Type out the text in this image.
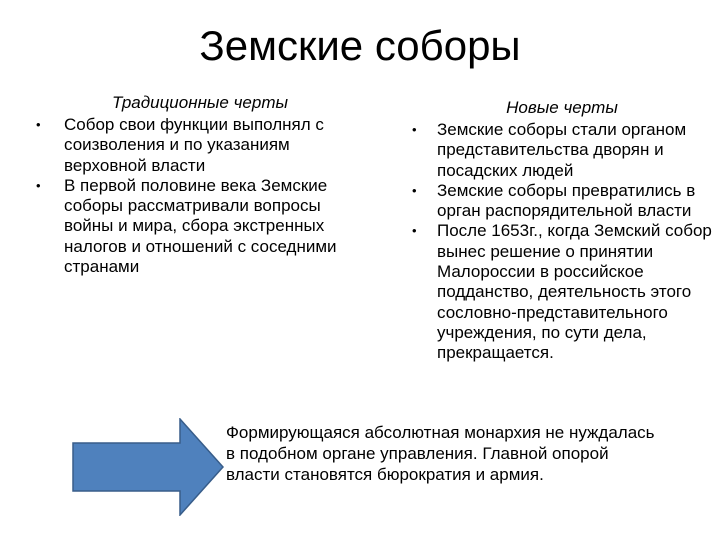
Земские соборы
Традиционные черты
•	Собор свои функции выполнял с соизволения и по указаниям верховной власти
•	В первой половине века Земские соборы рассматривали вопросы войны и мира, сбора экстренных налогов и отношений с соседними странами
Новые черты
•	Земские соборы стали органом представительства дворян и посадских людей
•	Земские соборы превратились в орган распорядительной власти
•	После 1653г., когда Земский собор вынес решение о принятии Малороссии в российское подданство, деятельность этого сословно-представительного учреждения, по сути дела, прекращается.
Формирующаяся абсолютная монархия не нуждалась в подобном органе управления. Главной опорой власти становятся бюрократия и армия.
